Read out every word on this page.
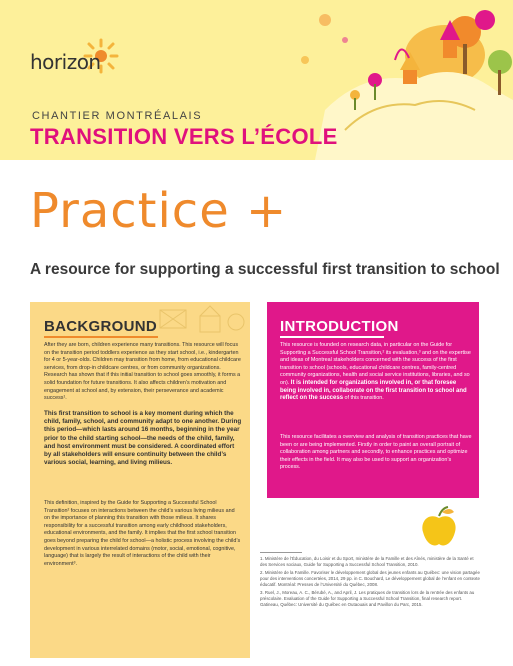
horizon
CHANTIER MONTRÉALAIS
TRANSITION VERS L’ÉCOLE
Practice +
A resource for supporting a successful first transition to school
BACKGROUND

After they are born, children experience many transitions. This resource will focus on the transition period toddlers experience as they start school, i.e., kindergarten for 4 or 5-year-olds. Children may transition from home, from educational childcare services, from drop-in childcare centres, or from community organizations. Research has shown that if this initial transition to school goes smoothly, it forms a solid foundation for future transitions. It also affects children’s motivation and engagement at school and, by extension, their perseverance and academic success¹.

This first transition to school is a key moment during which the child, family, school, and community adapt to one another. During this period—which lasts around 16 months, beginning in the year prior to the child starting school—the needs of the child, family, and host environment must be considered. A coordinated effort by all stakeholders will ensure continuity between the child’s various social, learning, and living milieus.

This definition, inspired by the Guide for Supporting a Successful School Transition² focuses on interactions between the child’s various living milieus and on the importance of planning this transition with those milieus. It shares responsibility for a successful transition among early childhood stakeholders, educational environments, and the family. It implies that the first school transition goes beyond preparing the child for school—a holistic process involving the child’s development in various interrelated domains (motor, social, emotional, cognitive, language) that is largely the result of interactions of the child with their environment³.

INTRODUCTION

This resource is founded on research data, in particular on the Guide for Supporting a Successful School Transition,² its evaluation,³ and on the expertise and ideas of Montreal stakeholders concerned with the success of the first transition to school (schools, educational childcare centres, family-centred community organizations, health and social service institutions, libraries, and so on). It is intended for organizations involved in, or that foresee being involved in, collaborate on the first transition to school and reflect on the success of this transition.

This resource facilitates a overview and analysis of transition practices that have been or are being implemented. Firstly in order to paint an overall portrait of collaboration among partners and secondly, to enhance practices and optimize their effects in the field. It may also be used to support an organization’s process.

1. Ministère de l’Éducation, du Loisir et du Sport, ministère de la Famille et des Aînés, ministère de la Santé et des Services sociaux, Guide for Supporting a Successful School Transition, 2010.

2. Ministère de la Famille. Favoriser le développement global des jeunes enfants au Québec: une vision partagée pour des interventions concertées, 2014, 29 pp. in C. Bouchard, Le développement global de l’enfant en contexte éducatif. Montréal: Presses de l’Université du Québec, 2008.

3. Ruel, J., Moreau, A. C., Bérubé, A., and April, J. Les pratiques de transition lors de la rentrée des enfants au préscolaire. Evaluation of the Guide for Supporting a Successful School Transition, final research report. Gatineau, Québec: Université du Québec en Outaouais and Pavillon du Parc, 2015.
